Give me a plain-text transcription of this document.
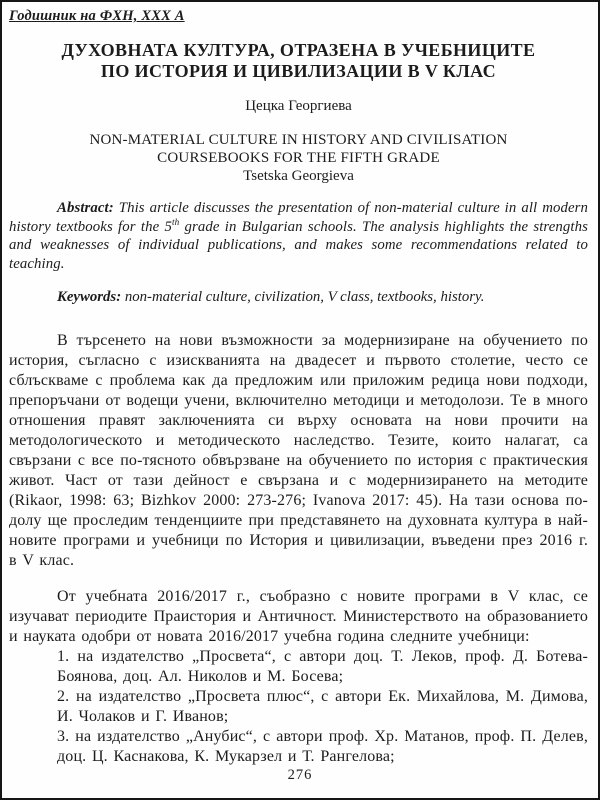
Годишник на ФХН, XXX А
ДУХОВНАТА КУЛТУРА, ОТРАЗЕНА В УЧЕБНИЦИТЕ
ПО ИСТОРИЯ И ЦИВИЛИЗАЦИИ В V КЛАС
Цецка Георгиева
NON-MATERIAL CULTURE IN HISTORY AND CIVILISATION
COURSEBOOKS FOR THE FIFTH GRADE
Tsetska Georgieva

Abstract: This article discusses the presentation of non-material culture in all modern history textbooks for the 5th grade in Bulgarian schools. The analysis highlights the strengths and weaknesses of individual publications, and makes some recommendations related to teaching.

Keywords: non-material culture, civilization, V class, textbooks, history.

В търсенето на нови възможности за модернизиране на обучението по история, съгласно с изискванията на двадесет и първото столетие, често се сблъскваме с проблема как да предложим или приложим редица нови подходи, препоръчани от водещи учени, включително методици и методолози. Те в много отношения правят заключенията си върху основата на нови прочити на методологическото и методическото наследство. Тезите, които налагат, са свързани с все по-тясното обвързване на обучението по история с практическия живот. Част от тази дейност е свързана и с модернизирането на методите (Rikaor, 1998: 63; Bizhkov 2000: 273-276; Ivanova 2017: 45). На тази основа по-долу ще проследим тенденциите при представянето на духовната култура в най-новите програми и учебници по История и цивилизации, въведени през 2016 г. в V клас.

От учебната 2016/2017 г., съобразно с новите програми в V клас, се изучават периодите Праистория и Античност. Министерството на образованието и науката одобри от новата 2016/2017 учебна година следните учебници:

1. на издателство „Просвета“, с автори доц. Т. Леков, проф. Д. Ботева-Боянова, доц. Ал. Николов и М. Босева;

2. на издателство „Просвета плюс“, с автори Ек. Михайлова, М. Димова, И. Чолаков и Г. Иванов;

3. на издателство „Анубис“, с автори проф. Хр. Матанов, проф. П. Делев, доц. Ц. Каснакова, К. Мукарзел и Т. Рангелова;

276
